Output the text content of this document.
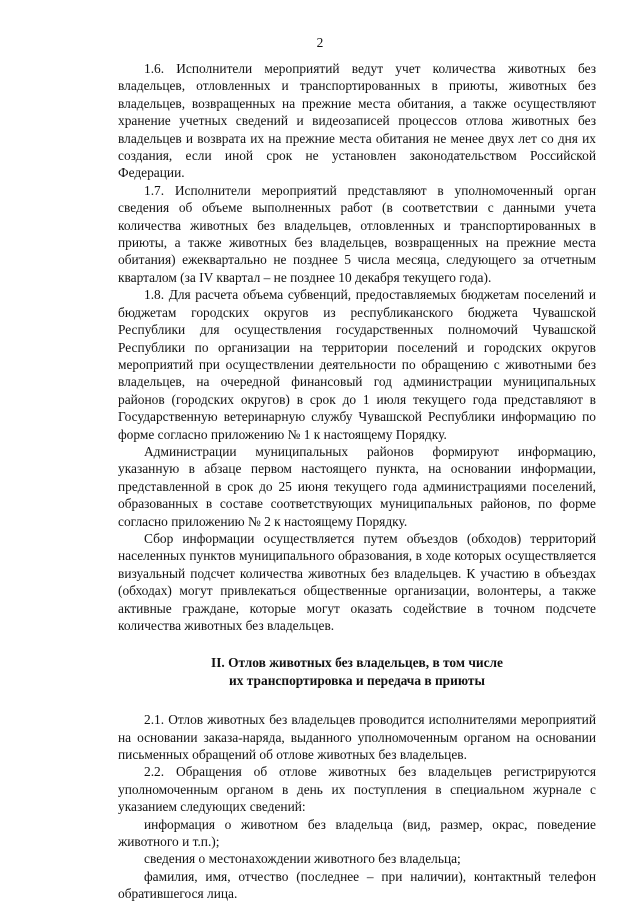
2

1.6. Исполнители мероприятий ведут учет количества животных без владельцев, отловленных и транспортированных в приюты, животных без владельцев, возвращенных на прежние места обитания, а также осуществляют хранение учетных сведений и видеозаписей процессов отлова животных без владельцев и возврата их на прежние места обитания не менее двух лет со дня их создания, если иной срок не установлен законодательством Российской Федерации.

1.7. Исполнители мероприятий представляют в уполномоченный орган сведения об объеме выполненных работ (в соответствии с данными учета количества животных без владельцев, отловленных и транспортированных в приюты, а также животных без владельцев, возвращенных на прежние места обитания) ежеквартально не позднее 5 числа месяца, следующего за отчетным кварталом (за IV квартал – не позднее 10 декабря текущего года).

1.8. Для расчета объема субвенций, предоставляемых бюджетам поселений и бюджетам городских округов из республиканского бюджета Чувашской Республики для осуществления государственных полномочий Чувашской Республики по организации на территории поселений и городских округов мероприятий при осуществлении деятельности по обращению с животными без владельцев, на очередной финансовый год администрации муниципальных районов (городских округов) в срок до 1 июля текущего года представляют в Государственную ветеринарную службу Чувашской Республики информацию по форме согласно приложению № 1 к настоящему Порядку.

Администрации муниципальных районов формируют информацию, указанную в абзаце первом настоящего пункта, на основании информации, представленной в срок до 25 июня текущего года администрациями поселений, образованных в составе соответствующих муниципальных районов, по форме согласно приложению № 2 к настоящему Порядку.

Сбор информации осуществляется путем объездов (обходов) территорий населенных пунктов муниципального образования, в ходе которых осуществляется визуальный подсчет количества животных без владельцев. К участию в объездах (обходах) могут привлекаться общественные организации, волонтеры, а также активные граждане, которые могут оказать содействие в точном подсчете количества животных без владельцев.

II. Отлов животных без владельцев, в том числе
их транспортировка и передача в приюты

2.1. Отлов животных без владельцев проводится исполнителями мероприятий на основании заказа-наряда, выданного уполномоченным органом на основании письменных обращений об отлове животных без владельцев.

2.2. Обращения об отлове животных без владельцев регистрируются уполномоченным органом в день их поступления в специальном журнале с указанием следующих сведений:

информация о животном без владельца (вид, размер, окрас, поведение животного и т.п.);

сведения о местонахождении животного без владельца;

фамилия, имя, отчество (последнее – при наличии), контактный телефон обратившегося лица.
